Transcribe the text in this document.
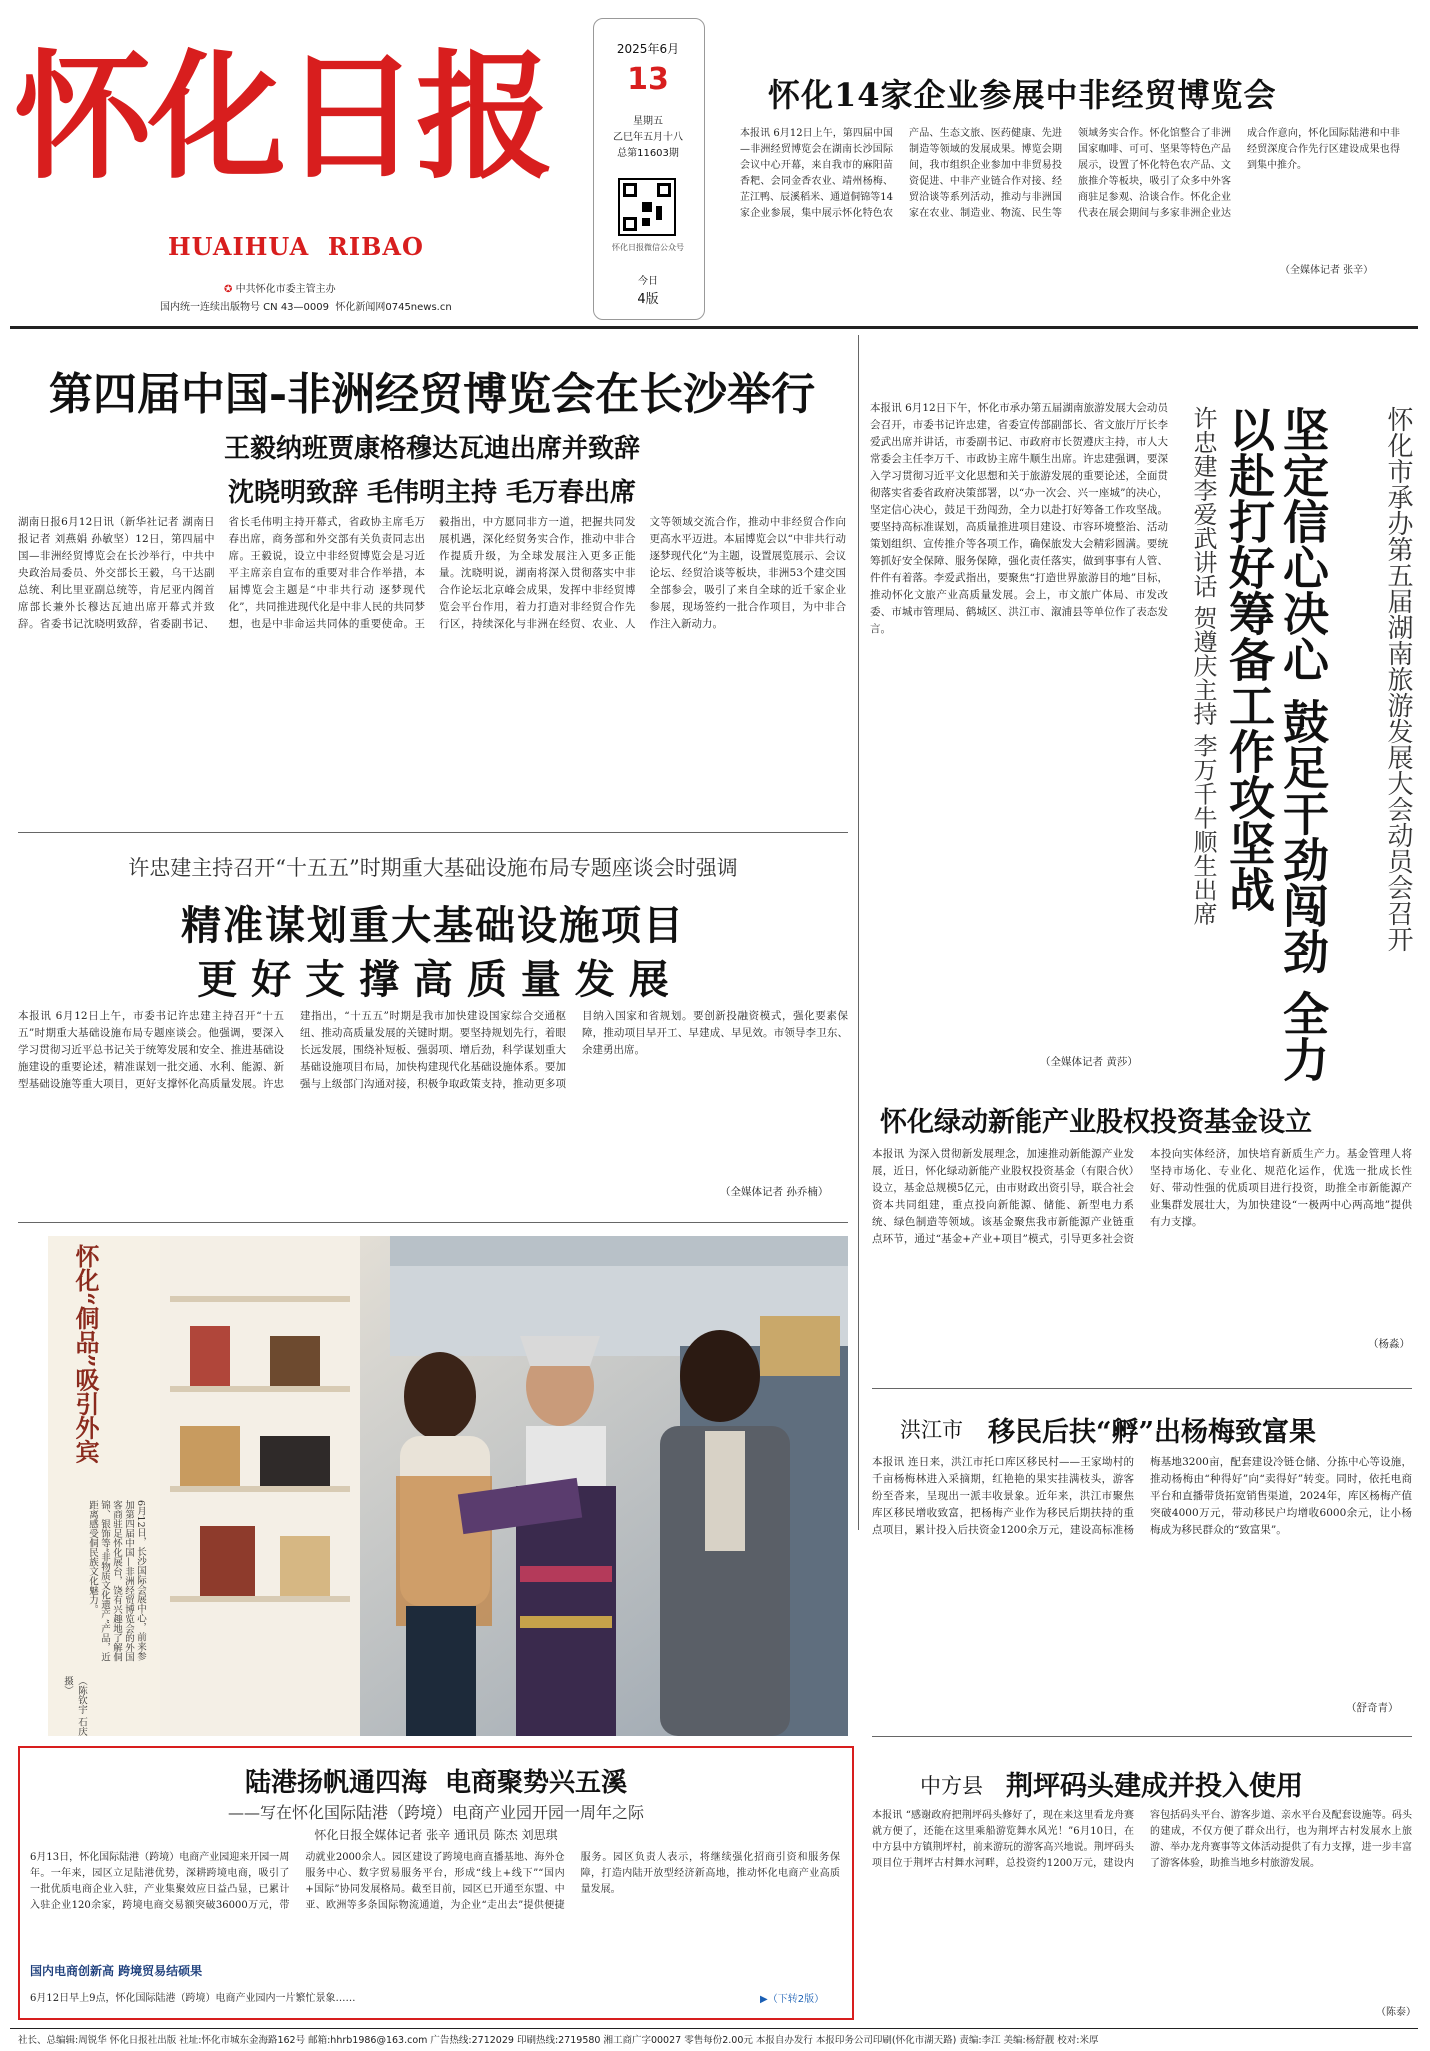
怀化日报
HUAIHUA  RIBAO
✪ 中共怀化市委主管主办
国内统一连续出版物号 CN 43—0009 怀化新闻网0745news.cn
2025年6月
13
星期五
乙巳年五月十八
总第11603期
怀化日报微信公众号
今日
4版
怀化14家企业参展中非经贸博览会
本报讯 6月12日上午，第四届中国—非洲经贸博览会在湖南长沙国际会议中心开幕，来自我市的麻阳苗香粑、会同金香农业、靖州杨梅、芷江鸭、辰溪稻米、通道侗锦等14家企业参展，集中展示怀化特色农产品、生态文旅、医药健康、先进制造等领域的发展成果。博览会期间，我市组织企业参加中非贸易投资促进、中非产业链合作对接、经贸洽谈等系列活动，推动与非洲国家在农业、制造业、物流、民生等领域务实合作。怀化馆整合了非洲国家咖啡、可可、坚果等特色产品展示，设置了怀化特色农产品、文旅推介等板块，吸引了众多中外客商驻足参观、洽谈合作。怀化企业代表在展会期间与多家非洲企业达成合作意向，怀化国际陆港和中非经贸深度合作先行区建设成果也得到集中推介。
（全媒体记者 张辛）
第四届中国-非洲经贸博览会在长沙举行
王毅纳班贾康格穆达瓦迪出席并致辞
沈晓明致辞 毛伟明主持 毛万春出席
湖南日报6月12日讯（新华社记者 湖南日报记者 刘燕娟 孙敏坚）12日，第四届中国—非洲经贸博览会在长沙举行，中共中央政治局委员、外交部长王毅，乌干达副总统、利比里亚副总统等，肯尼亚内阁首席部长兼外长穆达瓦迪出席开幕式并致辞。省委书记沈晓明致辞，省委副书记、省长毛伟明主持开幕式，省政协主席毛万春出席，商务部和外交部有关负责同志出席。王毅说，设立中非经贸博览会是习近平主席亲自宣布的重要对非合作举措，本届博览会主题是“中非共行动 逐梦现代化”，共同推进现代化是中非人民的共同梦想，也是中非命运共同体的重要使命。王毅指出，中方愿同非方一道，把握共同发展机遇，深化经贸务实合作，推动中非合作提质升级，为全球发展注入更多正能量。沈晓明说，湖南将深入贯彻落实中非合作论坛北京峰会成果，发挥中非经贸博览会平台作用，着力打造对非经贸合作先行区，持续深化与非洲在经贸、农业、人文等领域交流合作，推动中非经贸合作向更高水平迈进。本届博览会以“中非共行动 逐梦现代化”为主题，设置展览展示、会议论坛、经贸洽谈等板块，非洲53个建交国全部参会，吸引了来自全球的近千家企业参展，现场签约一批合作项目，为中非合作注入新动力。	怀化市承办第五届湖南旅游发展大会动员会召开
坚定信心决心 鼓足干劲闯劲 全力以赴打好筹备工作攻坚战
许忠建李爱武讲话 贺遵庆主持 李万千牛顺生出席
本报讯 6月12日下午，怀化市承办第五届湖南旅游发展大会动员会召开，市委书记许忠建，省委宣传部副部长、省文旅厅厅长李爱武出席并讲话，市委副书记、市政府市长贺遵庆主持，市人大常委会主任李万千、市政协主席牛顺生出席。许忠建强调，要深入学习贯彻习近平文化思想和关于旅游发展的重要论述，全面贯彻落实省委省政府决策部署，以“办一次会、兴一座城”的决心，坚定信心决心，鼓足干劲闯劲，全力以赴打好筹备工作攻坚战。要坚持高标准谋划，高质量推进项目建设、市容环境整治、活动策划组织、宣传推介等各项工作，确保旅发大会精彩圆满。要统筹抓好安全保障、服务保障，强化责任落实，做到事事有人管、件件有着落。李爱武指出，要聚焦“打造世界旅游目的地”目标，推动怀化文旅产业高质量发展。会上，市文旅广体局、市发改委、市城市管理局、鹤城区、洪江市、溆浦县等单位作了表态发言。
（全媒体记者 黄莎）
许忠建主持召开“十五五”时期重大基础设施布局专题座谈会时强调
精准谋划重大基础设施项目
更 好 支 撑 高 质 量 发 展
本报讯 6月12日上午，市委书记许忠建主持召开“十五五”时期重大基础设施布局专题座谈会。他强调，要深入学习贯彻习近平总书记关于统筹发展和安全、推进基础设施建设的重要论述，精准谋划一批交通、水利、能源、新型基础设施等重大项目，更好支撑怀化高质量发展。许忠建指出，“十五五”时期是我市加快建设国家综合交通枢纽、推动高质量发展的关键时期。要坚持规划先行，着眼长远发展，围绕补短板、强弱项、增后劲，科学谋划重大基础设施项目布局，加快构建现代化基础设施体系。要加强与上级部门沟通对接，积极争取政策支持，推动更多项目纳入国家和省规划。要创新投融资模式，强化要素保障，推动项目早开工、早建成、早见效。市领导李卫东、余建勇出席。
（全媒体记者 孙乔楠）
怀化“侗品”吸引外宾
6月12日，长沙国际会展中心，前来参加第四届中国—非洲经贸博览会的外国客商驻足怀化展台，饶有兴趣地了解侗锦、银饰等“非物质文化遗产”产品，近距离感受侗民族文化魅力。
（陈钦宇 石庆 摄）
怀化绿动新能产业股权投资基金设立
本报讯 为深入贯彻新发展理念，加速推动新能源产业发展，近日，怀化绿动新能产业股权投资基金（有限合伙）设立，基金总规模5亿元，由市财政出资引导，联合社会资本共同组建，重点投向新能源、储能、新型电力系统、绿色制造等领域。该基金聚焦我市新能源产业链重点环节，通过“基金+产业+项目”模式，引导更多社会资本投向实体经济，加快培育新质生产力。基金管理人将坚持市场化、专业化、规范化运作，优选一批成长性好、带动性强的优质项目进行投资，助推全市新能源产业集群发展壮大，为加快建设“一极两中心两高地”提供有力支撑。
（杨淼）
洪江市 移民后扶“孵”出杨梅致富果
本报讯 连日来，洪江市托口库区移民村——王家坳村的千亩杨梅林进入采摘期，红艳艳的果实挂满枝头，游客纷至沓来，呈现出一派丰收景象。近年来，洪江市聚焦库区移民增收致富，把杨梅产业作为移民后期扶持的重点项目，累计投入后扶资金1200余万元，建设高标准杨梅基地3200亩，配套建设冷链仓储、分拣中心等设施，推动杨梅由“种得好”向“卖得好”转变。同时，依托电商平台和直播带货拓宽销售渠道，2024年，库区杨梅产值突破4000万元，带动移民户均增收6000余元，让小杨梅成为移民群众的“致富果”。
（舒奇青）
陆港扬帆通四海  电商聚势兴五溪
——写在怀化国际陆港（跨境）电商产业园开园一周年之际
怀化日报全媒体记者 张辛 通讯员 陈杰 刘思琪
6月13日，怀化国际陆港（跨境）电商产业园迎来开园一周年。一年来，园区立足陆港优势，深耕跨境电商，吸引了一批优质电商企业入驻，产业集聚效应日益凸显，已累计入驻企业120余家，跨境电商交易额突破36000万元，带动就业2000余人。园区建设了跨境电商直播基地、海外仓服务中心、数字贸易服务平台，形成“线上+线下”“国内+国际”协同发展格局。截至目前，园区已开通至东盟、中亚、欧洲等多条国际物流通道，为企业“走出去”提供便捷服务。园区负责人表示，将继续强化招商引资和服务保障，打造内陆开放型经济新高地，推动怀化电商产业高质量发展。
国内电商创新高 跨境贸易结硕果
6月12日早上9点，怀化国际陆港（跨境）电商产业园内一片繁忙景象……	▶（下转2版）
中方县 荆坪码头建成并投入使用
本报讯 “感谢政府把荆坪码头修好了，现在来这里看龙舟赛就方便了，还能在这里乘船游览舞水风光！”6月10日，在中方县中方镇荆坪村，前来游玩的游客高兴地说。荆坪码头项目位于荆坪古村舞水河畔，总投资约1200万元，建设内容包括码头平台、游客步道、亲水平台及配套设施等。码头的建成，不仅方便了群众出行，也为荆坪古村发展水上旅游、举办龙舟赛事等文体活动提供了有力支撑，进一步丰富了游客体验，助推当地乡村旅游发展。
（陈泰）
社长、总编辑:周锐华 怀化日报社出版 社址:怀化市城东金海路162号 邮箱:hhrb1986@163.com 广告热线:2712029 印刷热线:2719580 湘工商广字00027 零售每份2.00元 本报自办发行 本报印务公司印刷(怀化市湖天路) 责编:李江 美编:杨舒靓 校对:米厚
